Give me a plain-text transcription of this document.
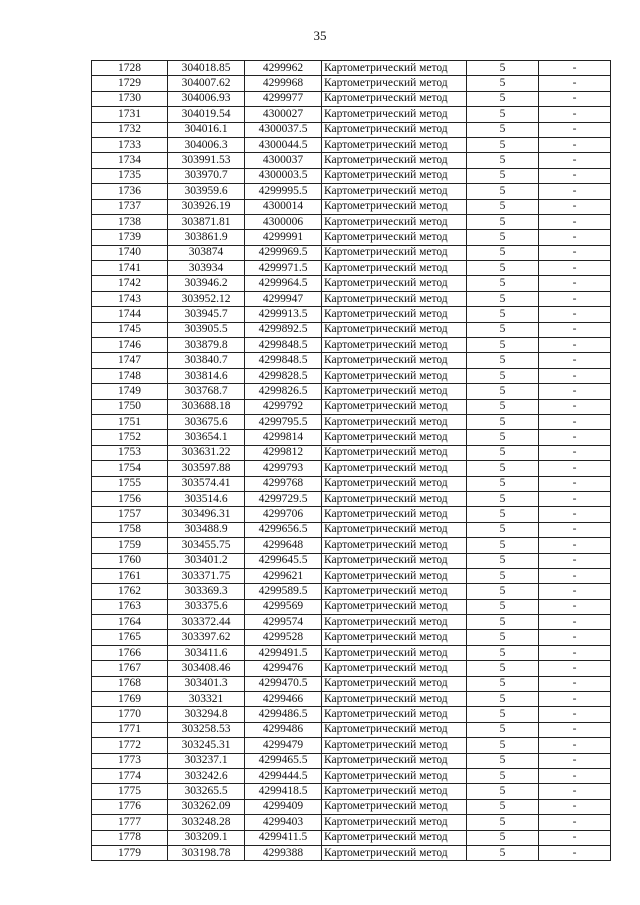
35
1728	304018.85	4299962	Картометрический метод	5	-
1729	304007.62	4299968	Картометрический метод	5	-
1730	304006.93	4299977	Картометрический метод	5	-
1731	304019.54	4300027	Картометрический метод	5	-
1732	304016.1	4300037.5	Картометрический метод	5	-
1733	304006.3	4300044.5	Картометрический метод	5	-
1734	303991.53	4300037	Картометрический метод	5	-
1735	303970.7	4300003.5	Картометрический метод	5	-
1736	303959.6	4299995.5	Картометрический метод	5	-
1737	303926.19	4300014	Картометрический метод	5	-
1738	303871.81	4300006	Картометрический метод	5	-
1739	303861.9	4299991	Картометрический метод	5	-
1740	303874	4299969.5	Картометрический метод	5	-
1741	303934	4299971.5	Картометрический метод	5	-
1742	303946.2	4299964.5	Картометрический метод	5	-
1743	303952.12	4299947	Картометрический метод	5	-
1744	303945.7	4299913.5	Картометрический метод	5	-
1745	303905.5	4299892.5	Картометрический метод	5	-
1746	303879.8	4299848.5	Картометрический метод	5	-
1747	303840.7	4299848.5	Картометрический метод	5	-
1748	303814.6	4299828.5	Картометрический метод	5	-
1749	303768.7	4299826.5	Картометрический метод	5	-
1750	303688.18	4299792	Картометрический метод	5	-
1751	303675.6	4299795.5	Картометрический метод	5	-
1752	303654.1	4299814	Картометрический метод	5	-
1753	303631.22	4299812	Картометрический метод	5	-
1754	303597.88	4299793	Картометрический метод	5	-
1755	303574.41	4299768	Картометрический метод	5	-
1756	303514.6	4299729.5	Картометрический метод	5	-
1757	303496.31	4299706	Картометрический метод	5	-
1758	303488.9	4299656.5	Картометрический метод	5	-
1759	303455.75	4299648	Картометрический метод	5	-
1760	303401.2	4299645.5	Картометрический метод	5	-
1761	303371.75	4299621	Картометрический метод	5	-
1762	303369.3	4299589.5	Картометрический метод	5	-
1763	303375.6	4299569	Картометрический метод	5	-
1764	303372.44	4299574	Картометрический метод	5	-
1765	303397.62	4299528	Картометрический метод	5	-
1766	303411.6	4299491.5	Картометрический метод	5	-
1767	303408.46	4299476	Картометрический метод	5	-
1768	303401.3	4299470.5	Картометрический метод	5	-
1769	303321	4299466	Картометрический метод	5	-
1770	303294.8	4299486.5	Картометрический метод	5	-
1771	303258.53	4299486	Картометрический метод	5	-
1772	303245.31	4299479	Картометрический метод	5	-
1773	303237.1	4299465.5	Картометрический метод	5	-
1774	303242.6	4299444.5	Картометрический метод	5	-
1775	303265.5	4299418.5	Картометрический метод	5	-
1776	303262.09	4299409	Картометрический метод	5	-
1777	303248.28	4299403	Картометрический метод	5	-
1778	303209.1	4299411.5	Картометрический метод	5	-
1779	303198.78	4299388	Картометрический метод	5	-
